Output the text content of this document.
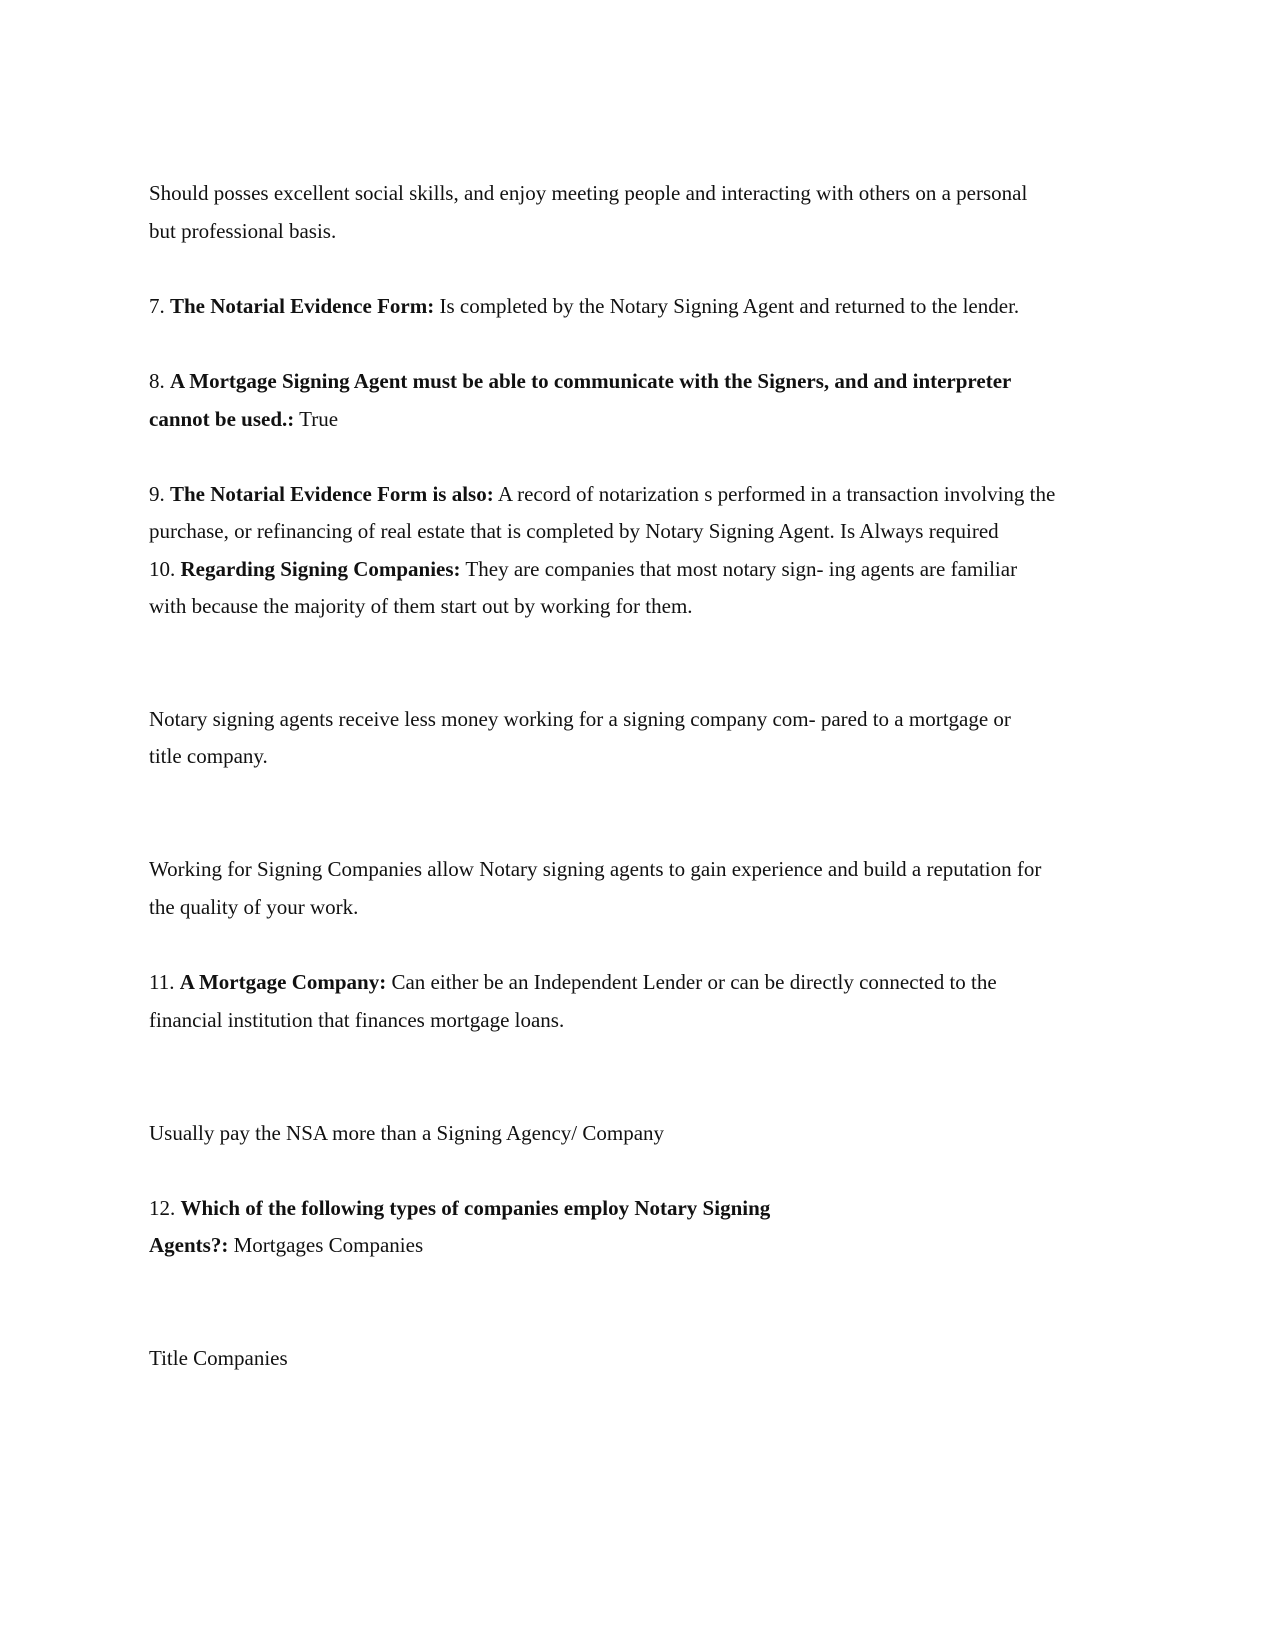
Should posses excellent social skills, and enjoy meeting people and interacting with others on a personal
but professional basis.
7. The Notarial Evidence Form: Is completed by the Notary Signing Agent and returned to the lender.
8. A Mortgage Signing Agent must be able to communicate with the Signers, and and interpreter
cannot be used.: True
9. The Notarial Evidence Form is also: A record of notarization s performed in a transaction involving the
purchase, or refinancing of real estate that is completed by Notary Signing Agent. Is Always required
10. Regarding Signing Companies: They are companies that most notary sign- ing agents are familiar
with because the majority of them start out by working for them.
Notary signing agents receive less money working for a signing company com- pared to a mortgage or
title company.
Working for Signing Companies allow Notary signing agents to gain experience and build a reputation for
the quality of your work.
11. A Mortgage Company: Can either be an Independent Lender or can be directly connected to the
financial institution that finances mortgage loans.
Usually pay the NSA more than a Signing Agency/ Company
12. Which of the following types of companies employ Notary Signing
Agents?: Mortgages Companies
Title Companies
